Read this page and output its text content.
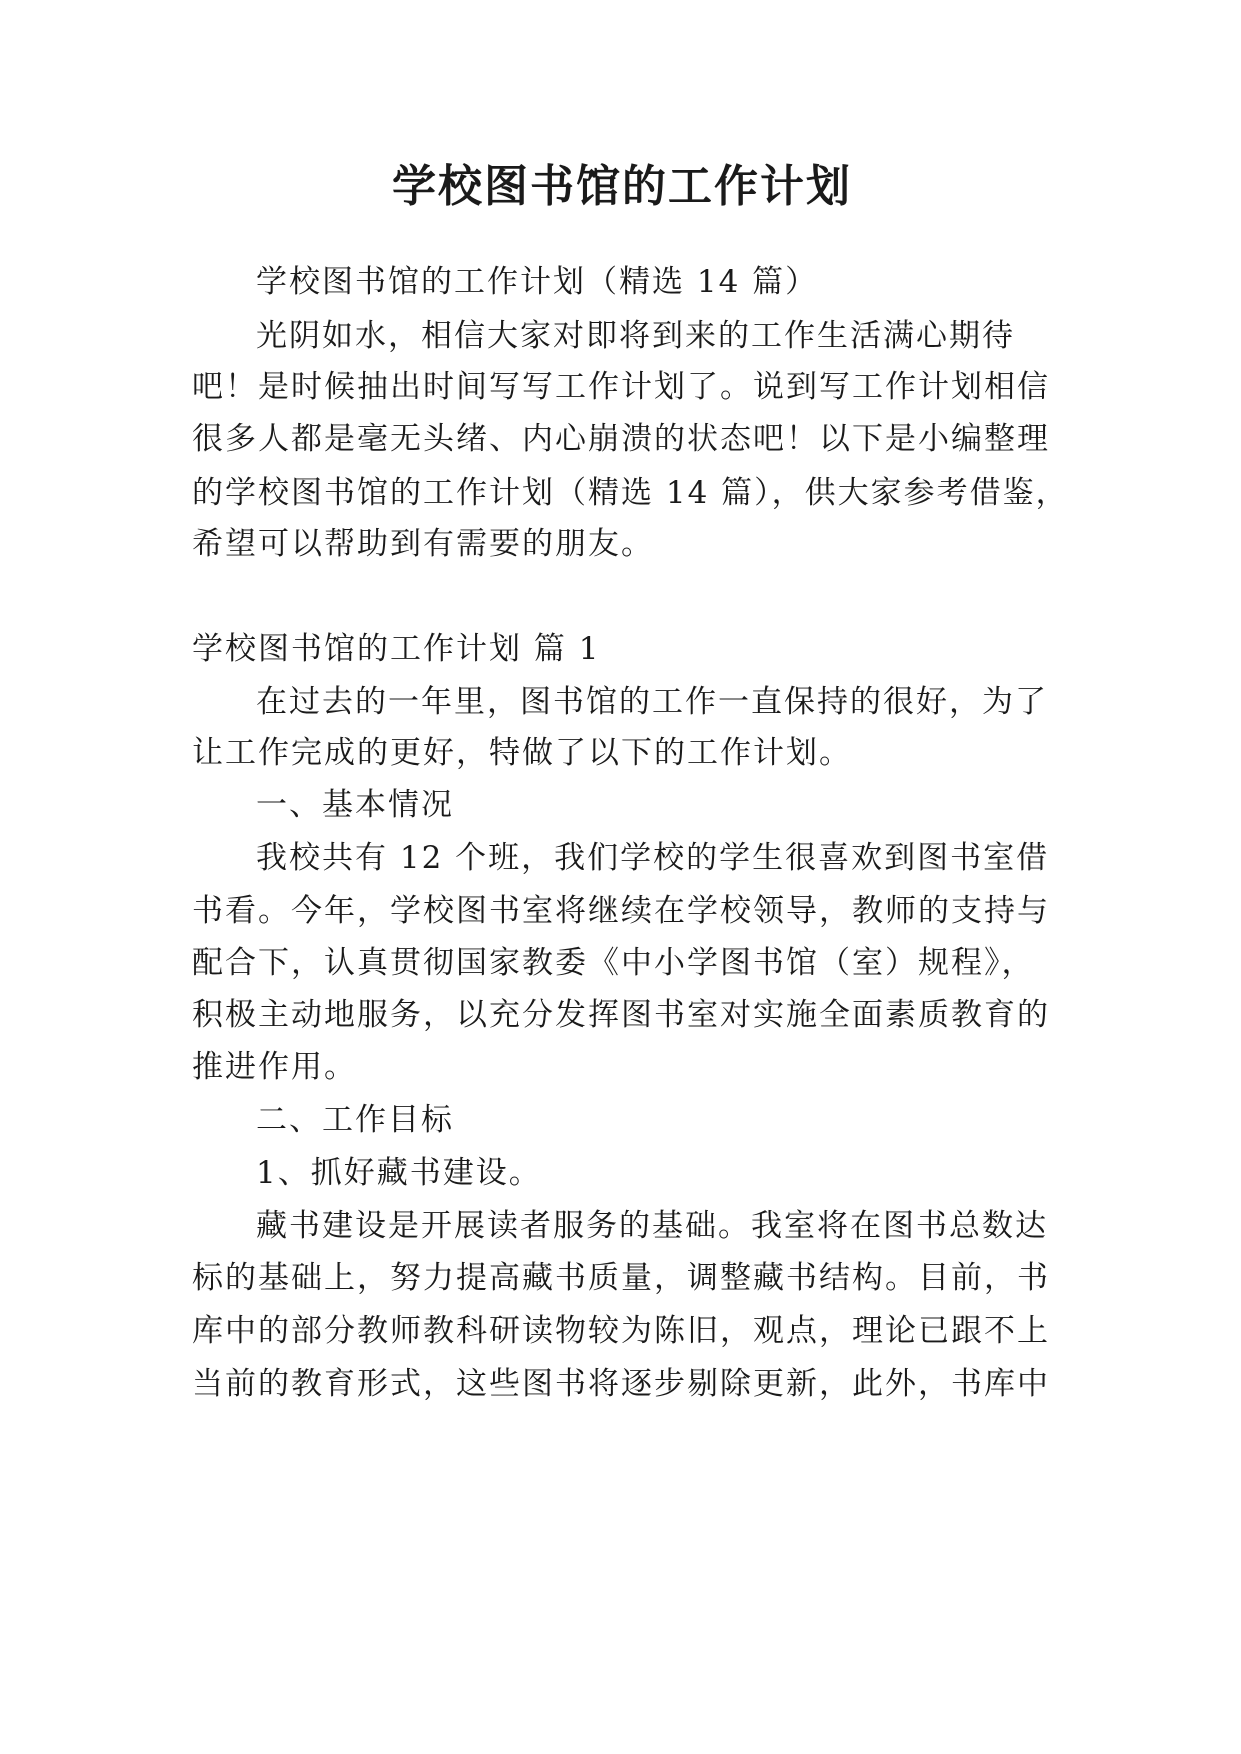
学校图书馆的工作计划

学校图书馆的工作计划（精选 14 篇）

光阴如水，相信大家对即将到来的工作生活满心期待

吧！是时候抽出时间写写工作计划了。说到写工作计划相信

很多人都是毫无头绪、内心崩溃的状态吧！以下是小编整理

的学校图书馆的工作计划（精选 14 篇），供大家参考借鉴，

希望可以帮助到有需要的朋友。

学校图书馆的工作计划 篇 1

在过去的一年里，图书馆的工作一直保持的很好，为了

让工作完成的更好，特做了以下的工作计划。

一、基本情况

我校共有 12 个班，我们学校的学生很喜欢到图书室借

书看。今年，学校图书室将继续在学校领导，教师的支持与

配合下，认真贯彻国家教委《中小学图书馆（室）规程》，

积极主动地服务，以充分发挥图书室对实施全面素质教育的

推进作用。

二、工作目标

1、抓好藏书建设。

藏书建设是开展读者服务的基础。我室将在图书总数达

标的基础上，努力提高藏书质量，调整藏书结构。目前，书

库中的部分教师教科研读物较为陈旧，观点，理论已跟不上

当前的教育形式，这些图书将逐步剔除更新，此外，书库中
